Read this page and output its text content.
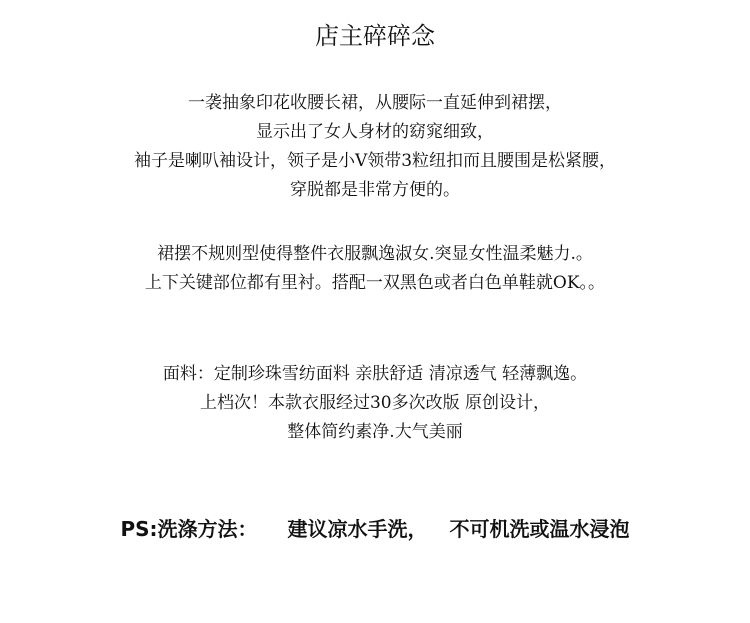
店主碎碎念
一袭抽象印花收腰长裙，从腰际一直延伸到裙摆，
显示出了女人身材的窈窕细致，
袖子是喇叭袖设计，领子是小V领带3粒纽扣而且腰围是松紧腰，
穿脱都是非常方便的。
裙摆不规则型使得整件衣服飘逸淑女.突显女性温柔魅力.。
上下关键部位都有里衬。搭配一双黑色或者白色单鞋就OK。。
面料：定制珍珠雪纺面料 亲肤舒适 清凉透气 轻薄飘逸。
上档次！本款衣服经过30多次改版 原创设计，
整体简约素净.大气美丽
PS:洗涤方法： 建议凉水手洗， 不可机洗或温水浸泡
